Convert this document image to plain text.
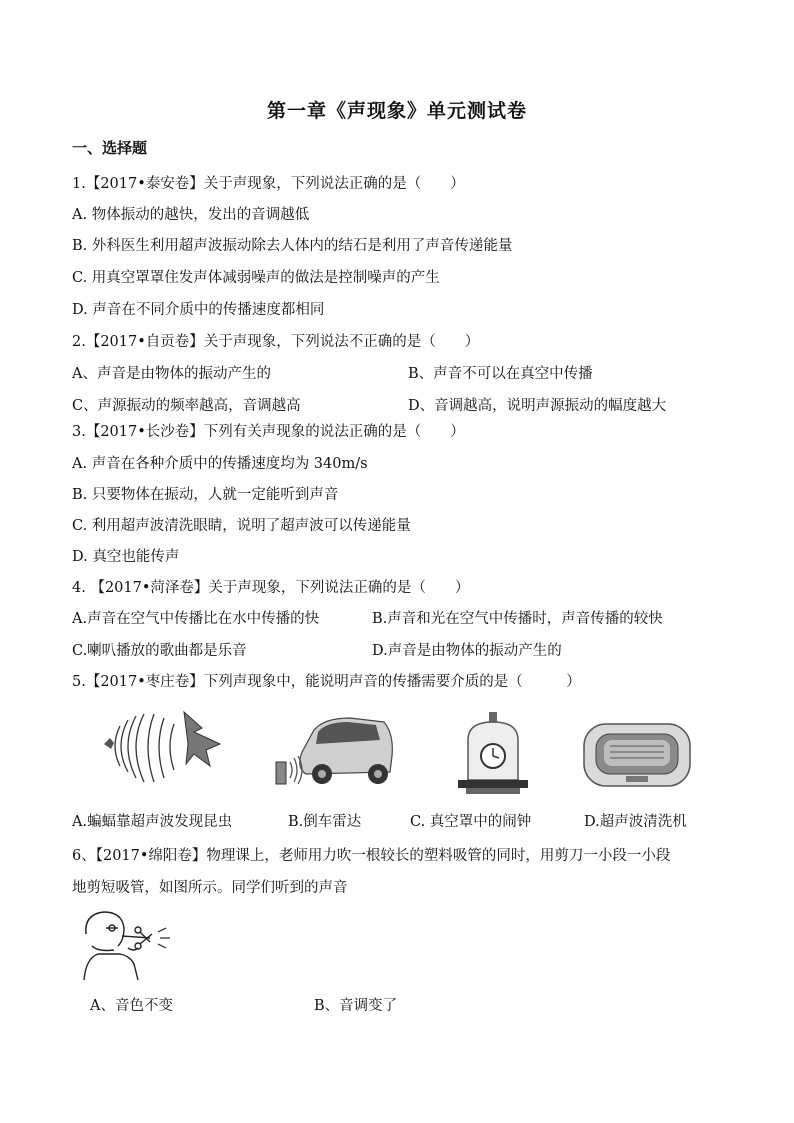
第一章《声现象》单元测试卷
一、选择题
1.【2017•泰安卷】关于声现象，下列说法正确的是（　　）
A. 物体振动的越快，发出的音调越低
B. 外科医生利用超声波振动除去人体内的结石是利用了声音传递能量
C. 用真空罩罩住发声体减弱噪声的做法是控制噪声的产生
D. 声音在不同介质中的传播速度都相同
2.【2017•自贡卷】关于声现象，下列说法不正确的是（　　）
A、声音是由物体的振动产生的	B、声音不可以在真空中传播
C、声源振动的频率越高，音调越高	D、音调越高，说明声源振动的幅度越大
3.【2017•长沙卷】下列有关声现象的说法正确的是（　　）
A. 声音在各种介质中的传播速度均为 340m/s
B. 只要物体在振动，人就一定能听到声音
C. 利用超声波清洗眼睛，说明了超声波可以传递能量
D. 真空也能传声
4. 【2017•菏泽卷】关于声现象，下列说法正确的是（　　）
A.声音在空气中传播比在水中传播的快	B.声音和光在空气中传播时，声音传播的较快
C.喇叭播放的歌曲都是乐音	D.声音是由物体的振动产生的
5.【2017•枣庄卷】下列声现象中，能说明声音的传播需要介质的是（　　　）
A.蝙蝠靠超声波发现昆虫	B.倒车雷达	C. 真空罩中的闹钟	D.超声波清洗机
6、【2017•绵阳卷】物理课上，老师用力吹一根较长的塑料吸管的同时，用剪刀一小段一小段
地剪短吸管，如图所示。同学们听到的声音
A、音色不变	B、音调变了
